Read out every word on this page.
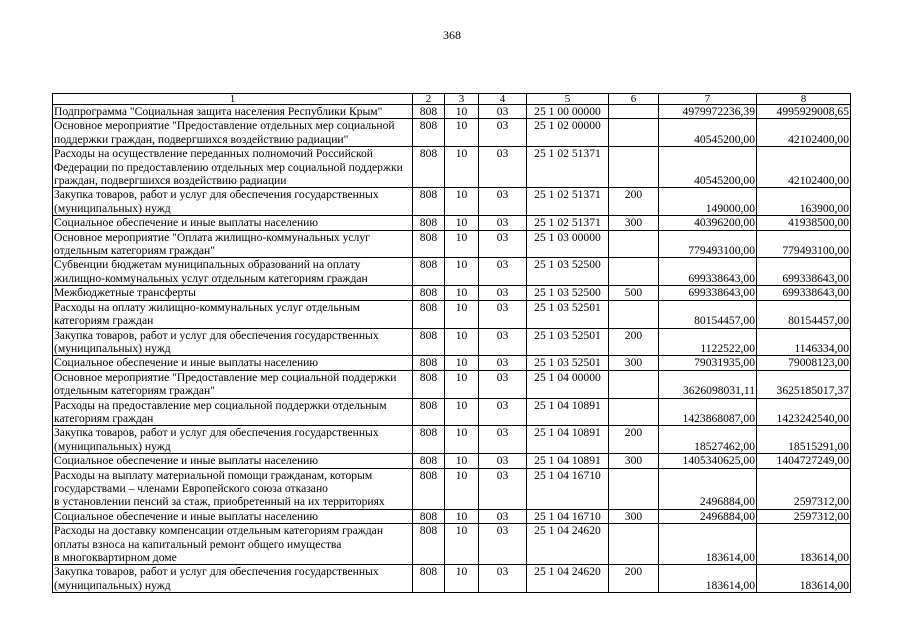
368
1	2	3	4	5	6	7	8
Подпрограмма "Социальная защита населения Республики Крым"	808	10	03	25 1 00 00000		4979972236,39	4995929008,65
Основное мероприятие "Предоставление отдельных мер социальной
поддержки граждан, подвергшихся воздействию радиации"	808	10	03	25 1 02 00000		40545200,00	42102400,00
Расходы на осуществление переданных полномочий Российской
Федерации по предоставлению отдельных мер социальной поддержки
граждан, подвергшихся воздействию радиации	808	10	03	25 1 02 51371		40545200,00	42102400,00
Закупка товаров, работ и услуг для обеспечения государственных
(муниципальных) нужд	808	10	03	25 1 02 51371	200	149000,00	163900,00
Социальное обеспечение и иные выплаты населению	808	10	03	25 1 02 51371	300	40396200,00	41938500,00
Основное мероприятие "Оплата жилищно-коммунальных услуг
отдельным категориям граждан"	808	10	03	25 1 03 00000		779493100,00	779493100,00
Субвенции бюджетам муниципальных образований на оплату
жилищно-коммунальных услуг отдельным категориям граждан	808	10	03	25 1 03 52500		699338643,00	699338643,00
Межбюджетные трансферты	808	10	03	25 1 03 52500	500	699338643,00	699338643,00
Расходы на оплату жилищно-коммунальных услуг отдельным
категориям граждан	808	10	03	25 1 03 52501		80154457,00	80154457,00
Закупка товаров, работ и услуг для обеспечения государственных
(муниципальных) нужд	808	10	03	25 1 03 52501	200	1122522,00	1146334,00
Социальное обеспечение и иные выплаты населению	808	10	03	25 1 03 52501	300	79031935,00	79008123,00
Основное мероприятие "Предоставление мер социальной поддержки
отдельным категориям граждан"	808	10	03	25 1 04 00000		3626098031,11	3625185017,37
Расходы на предоставление мер социальной поддержки отдельным
категориям граждан	808	10	03	25 1 04 10891		1423868087,00	1423242540,00
Закупка товаров, работ и услуг для обеспечения государственных
(муниципальных) нужд	808	10	03	25 1 04 10891	200	18527462,00	18515291,00
Социальное обеспечение и иные выплаты населению	808	10	03	25 1 04 10891	300	1405340625,00	1404727249,00
Расходы на выплату материальной помощи гражданам, которым
государствами – членами Европейского союза отказано
в установлении пенсий за стаж, приобретенный на их территориях	808	10	03	25 1 04 16710		2496884,00	2597312,00
Социальное обеспечение и иные выплаты населению	808	10	03	25 1 04 16710	300	2496884,00	2597312,00
Расходы на доставку компенсации отдельным категориям граждан
оплаты взноса на капитальный ремонт общего имущества
в многоквартирном доме	808	10	03	25 1 04 24620		183614,00	183614,00
Закупка товаров, работ и услуг для обеспечения государственных
(муниципальных) нужд	808	10	03	25 1 04 24620	200	183614,00	183614,00
